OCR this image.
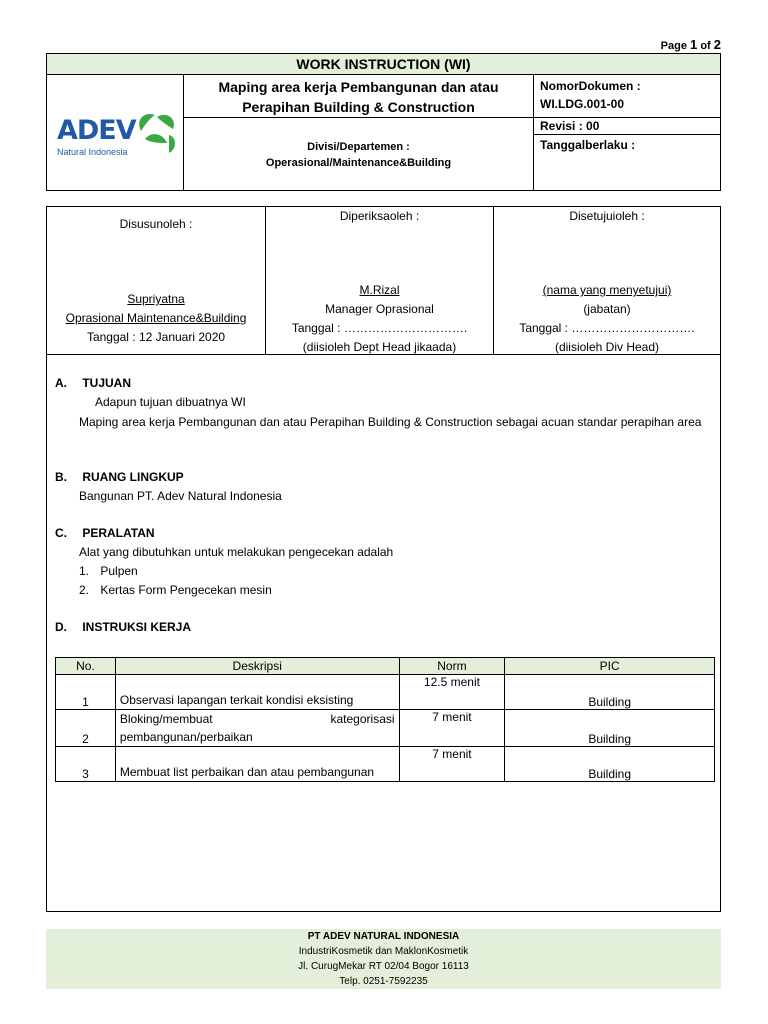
Page 1 of 2
WORK INSTRUCTION (WI)
ADEV
Natural Indonesia
Maping area kerja Pembangunan dan atau
Perapihan Building & Construction
Divisi/Departemen :
Operasional/Maintenance&Building
NomorDokumen :
WI.LDG.001-00
Revisi : 00
Tanggalberlaku :
Disusunoleh :
Supriyatna
Oprasional Maintenance&Building
Tanggal : 12 Januari 2020
Diperiksaoleh :
M.Rizal
Manager Oprasional
Tanggal : ………………………….
(diisioleh Dept Head jikaada)
Disetujuioleh :
(nama yang menyetujui)
(jabatan)
Tanggal : ………………………….
(diisioleh Div Head)
A. TUJUAN
Adapun tujuan dibuatnya WI
Maping area kerja Pembangunan dan atau Perapihan Building & Construction sebagai acuan standar perapihan area
B. RUANG LINGKUP
Bangunan PT. Adev Natural Indonesia
C. PERALATAN
Alat yang dibutuhkan untuk melakukan pengecekan adalah
1. Pulpen
2. Kertas Form Pengecekan mesin
D. INSTRUKSI KERJA
No.	Deskripsi	Norm	PIC
1	Observasi lapangan terkait kondisi eksisting	12.5 menit	Building
2	Bloking/membuat kategorisasi pembangunan/perbaikan	7 menit	Building
3	Membuat list perbaikan dan atau pembangunan	7 menit	Building
PT ADEV NATURAL INDONESIA
IndustriKosmetik dan MaklonKosmetik
Jl. CurugMekar RT 02/04 Bogor 16113
Telp. 0251-7592235
